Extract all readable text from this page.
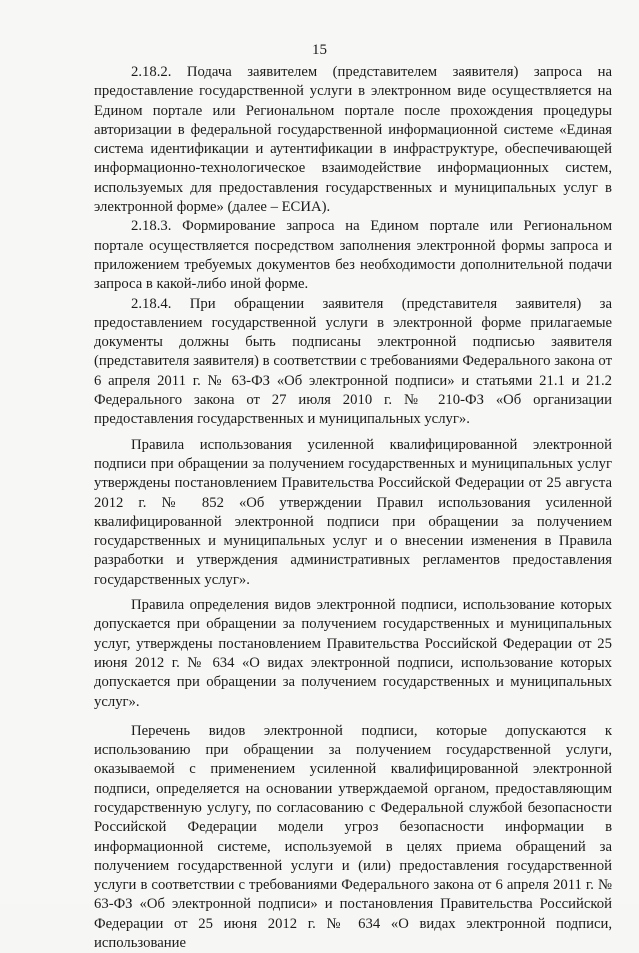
15

2.18.2. Подача заявителем (представителем заявителя) запроса на предоставление государственной услуги в электронном виде осуществляется на Едином портале или Региональном портале после прохождения процедуры авторизации в федеральной государственной информационной системе «Единая система идентификации и аутентификации в инфраструктуре, обеспечивающей информационно-технологическое взаимодействие информационных систем, используемых для предоставления государственных и муниципальных услуг в электронной форме» (далее – ЕСИА).

2.18.3. Формирование запроса на Едином портале или Региональном портале осуществляется посредством заполнения электронной формы запроса и приложением требуемых документов без необходимости дополнительной подачи запроса в какой-либо иной форме.

2.18.4. При обращении заявителя (представителя заявителя) за предоставлением государственной услуги в электронной форме прилагаемые документы должны быть подписаны электронной подписью заявителя (представителя заявителя) в соответствии с требованиями Федерального закона от 6 апреля 2011 г. № 63-ФЗ «Об электронной подписи» и статьями 21.1 и 21.2 Федерального закона от 27 июля 2010 г. № 210-ФЗ «Об организации предоставления государственных и муниципальных услуг».

Правила использования усиленной квалифицированной электронной подписи при обращении за получением государственных и муниципальных услуг утверждены постановлением Правительства Российской Федерации от 25 августа 2012 г. № 852 «Об утверждении Правил использования усиленной квалифицированной электронной подписи при обращении за получением государственных и муниципальных услуг и о внесении изменения в Правила разработки и утверждения административных регламентов предоставления государственных услуг».

Правила определения видов электронной подписи, использование которых допускается при обращении за получением государственных и муниципальных услуг, утверждены постановлением Правительства Российской Федерации от 25 июня 2012 г. № 634 «О видах электронной подписи, использование которых допускается при обращении за получением государственных и муниципальных услуг».

Перечень видов электронной подписи, которые допускаются к использованию при обращении за получением государственной услуги, оказываемой с применением усиленной квалифицированной электронной подписи, определяется на основании утверждаемой органом, предоставляющим государственную услугу, по согласованию с Федеральной службой безопасности Российской Федерации модели угроз безопасности информации в информационной системе, используемой в целях приема обращений за получением государственной услуги и (или) предоставления государственной услуги в соответствии с требованиями Федерального закона от 6 апреля 2011 г. № 63-ФЗ «Об электронной подписи» и постановления Правительства Российской Федерации от 25 июня 2012 г. № 634 «О видах электронной подписи, использование
